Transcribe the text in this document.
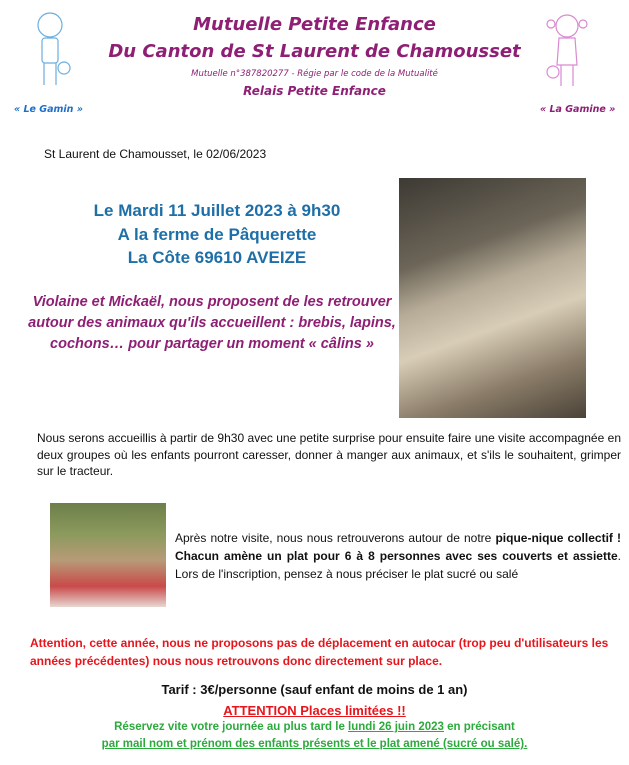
Mutuelle Petite Enfance
Du Canton de St Laurent de Chamousset
Mutuelle n°387820277 - Régie par le code de la Mutualité
Relais Petite Enfance
« Le Gamin »	« La Gamine »
St Laurent de Chamousset, le 02/06/2023
Le Mardi 11 Juillet 2023 à 9h30
A la ferme de Pâquerette
La Côte 69610 AVEIZE
Violaine et Mickaël, nous proposent de les retrouver autour des animaux qu'ils accueillent : brebis, lapins, cochons… pour partager un moment « câlins »
Nous serons accueillis à partir de 9h30 avec une petite surprise pour ensuite faire une visite accompagnée en deux groupes où les enfants pourront caresser, donner à manger aux animaux, et s'ils le souhaitent, grimper sur le tracteur.
Après notre visite, nous nous retrouverons autour de notre pique-nique collectif ! Chacun amène un plat pour 6 à 8 personnes avec ses couverts et assiette. Lors de l'inscription, pensez à nous préciser le plat sucré ou salé
Attention, cette année, nous ne proposons pas de déplacement en autocar (trop peu d'utilisateurs les années précédentes) nous nous retrouvons donc directement sur place.
Tarif : 3€/personne (sauf enfant de moins de 1 an)
ATTENTION Places limitées !!
Réservez vite votre journée au plus tard le lundi 26 juin 2023 en précisant
par mail nom et prénom des enfants présents et le plat amené (sucré ou salé).
